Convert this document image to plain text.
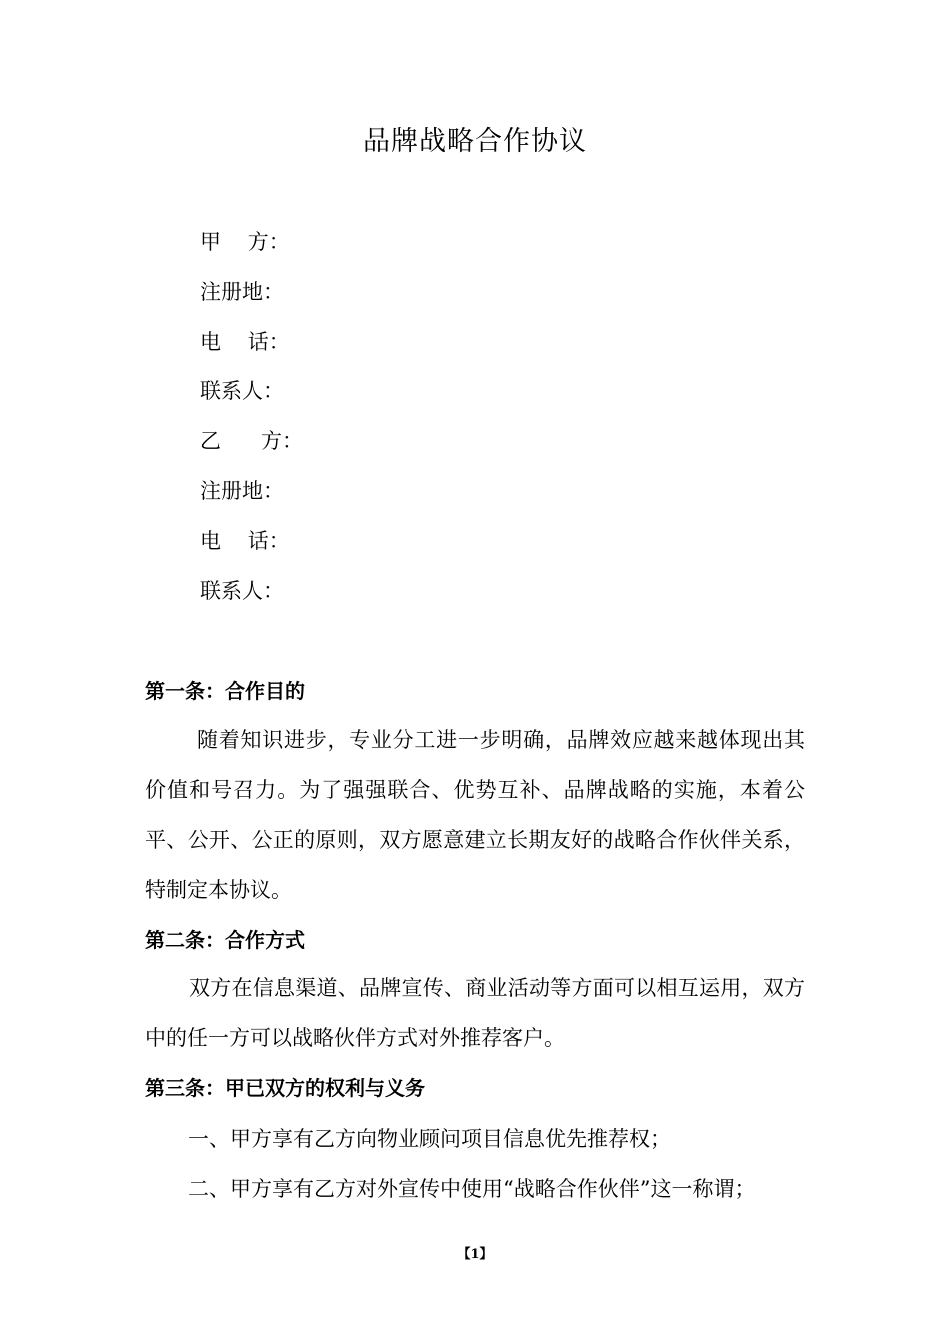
品牌战略合作协议
甲    方：
注册地：
电    话：
联系人：
乙      方：
注册地：
电    话：
联系人：
第一条：合作目的
随着知识进步，专业分工进一步明确，品牌效应越来越体现出其价值和号召力。为了强强联合、优势互补、品牌战略的实施，本着公平、公开、公正的原则，双方愿意建立长期友好的战略合作伙伴关系，特制定本协议。
第二条：合作方式
双方在信息渠道、品牌宣传、商业活动等方面可以相互运用，双方中的任一方可以战略伙伴方式对外推荐客户。
第三条：甲已双方的权利与义务
一、甲方享有乙方向物业顾问项目信息优先推荐权；
二、甲方享有乙方对外宣传中使用“战略合作伙伴”这一称谓；
【1】
